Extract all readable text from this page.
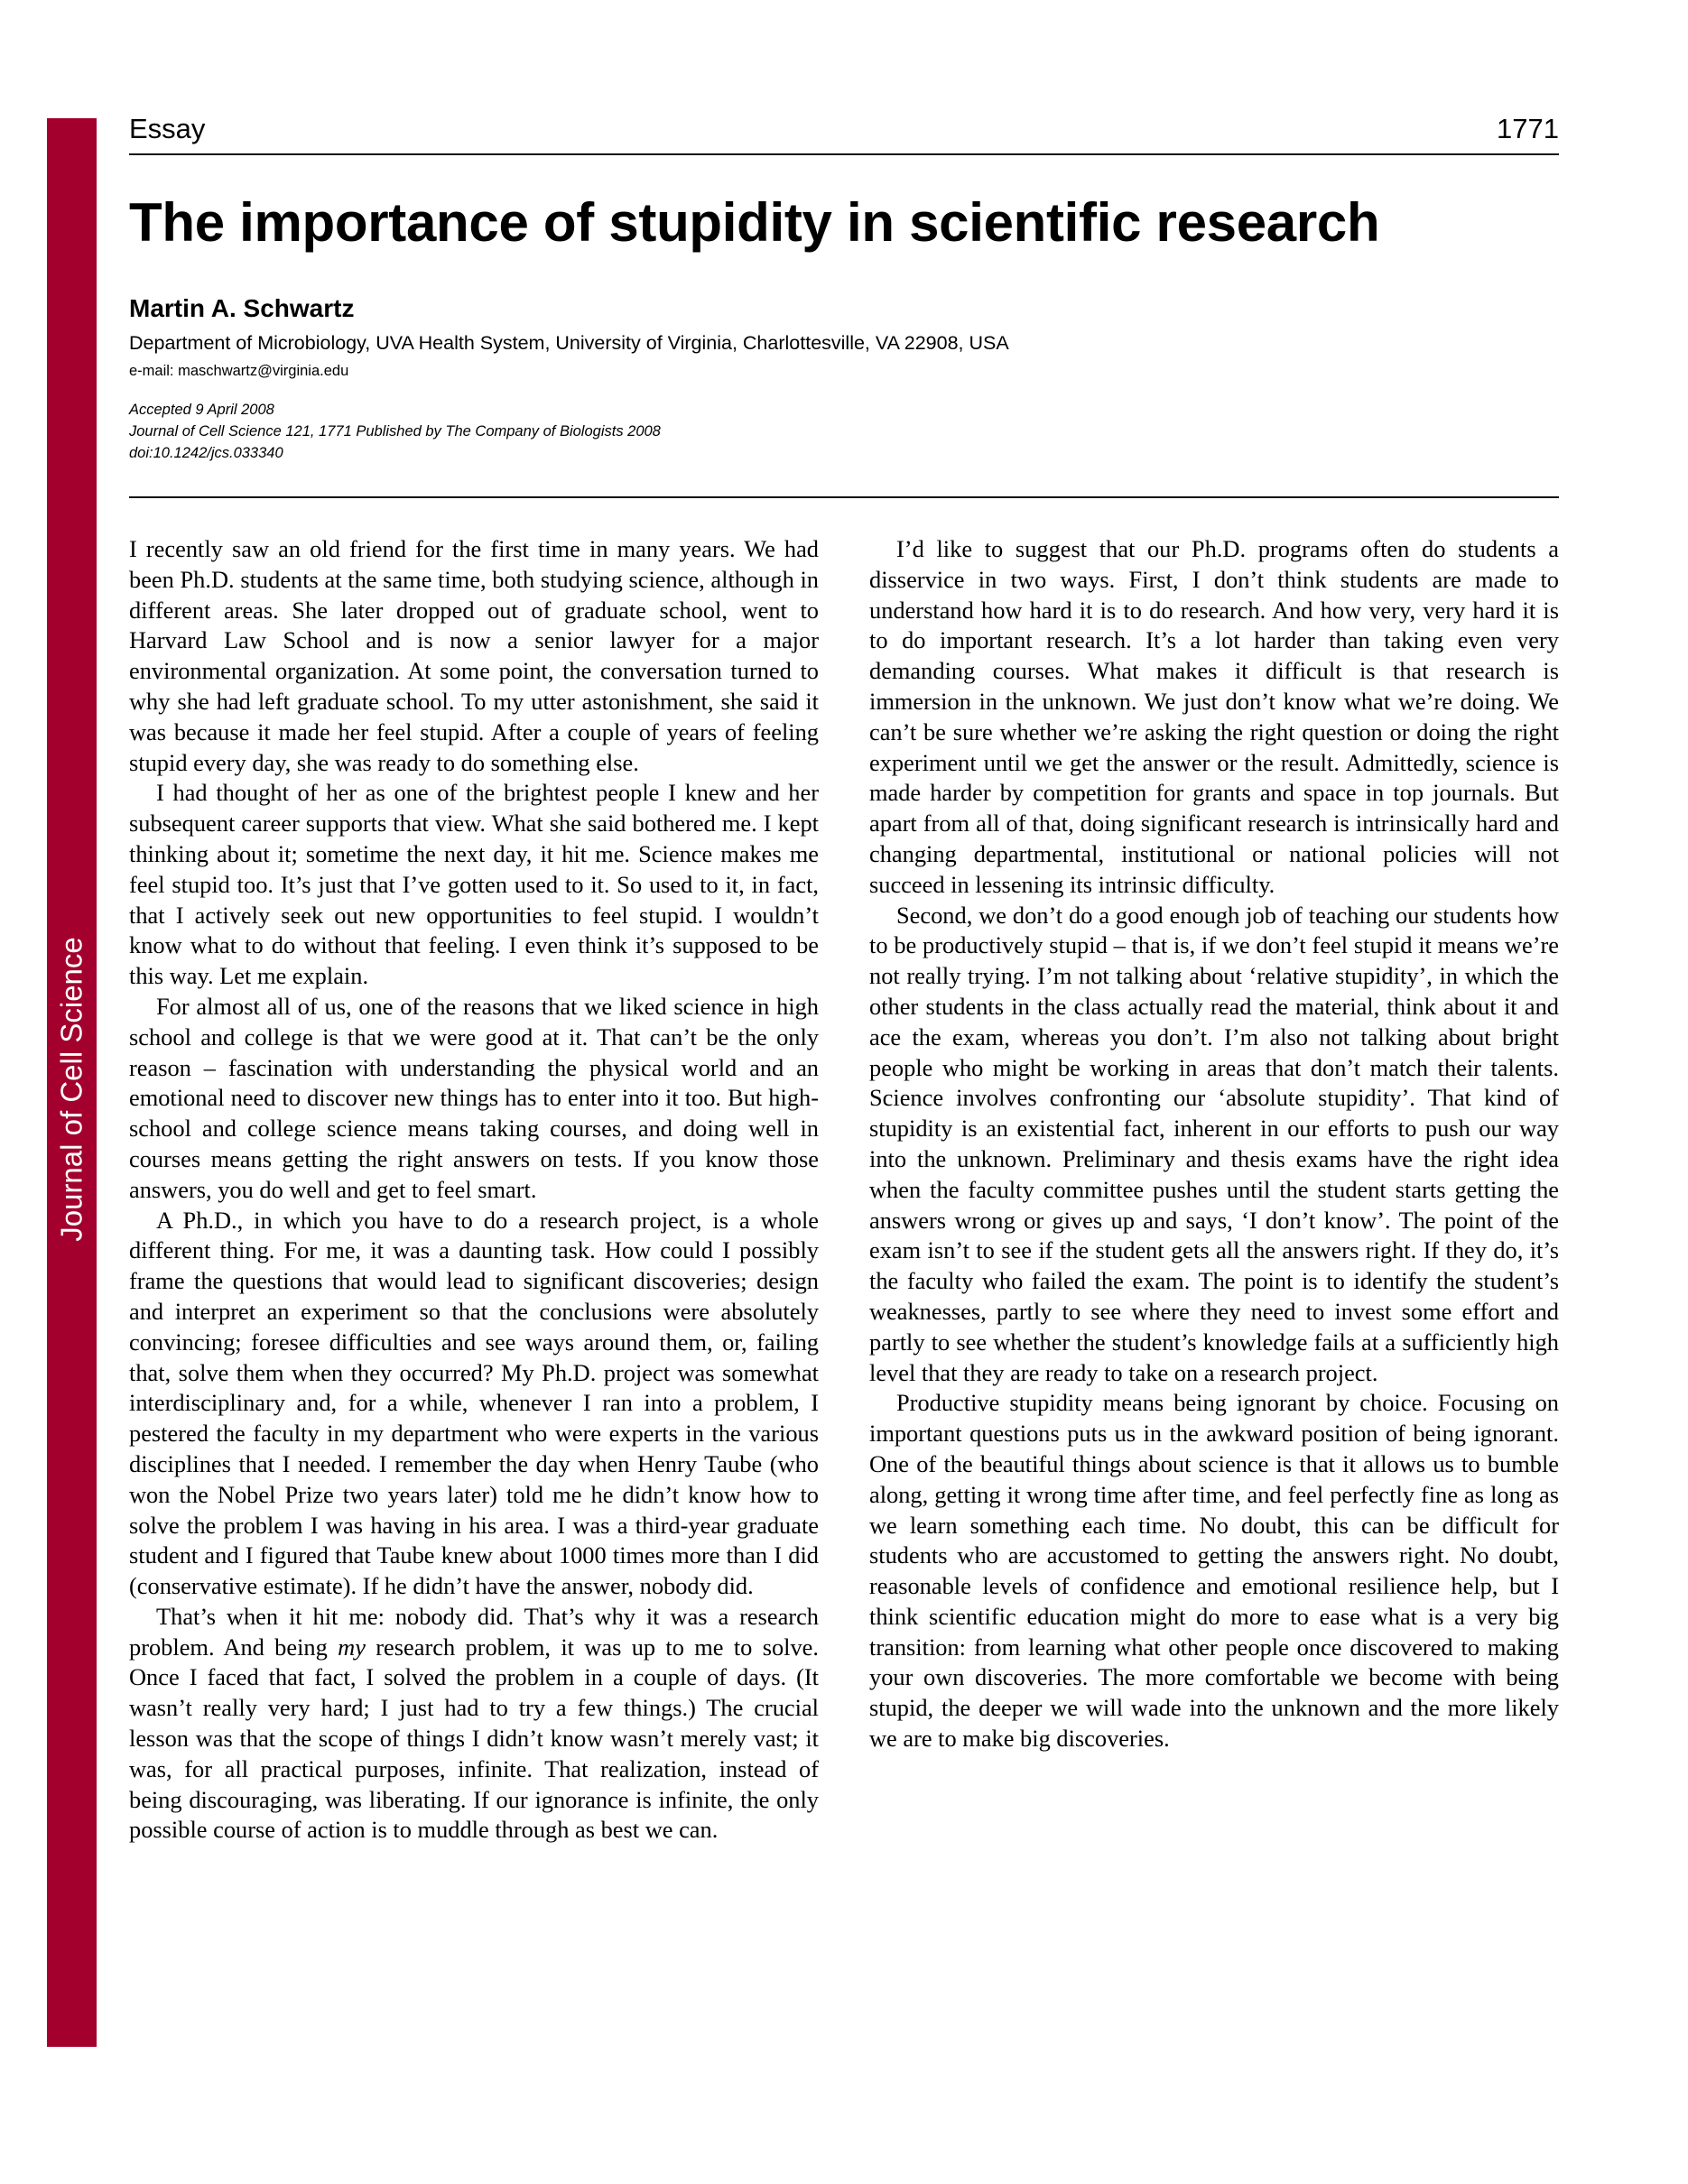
Journal of Cell Science
Essay	1771
The importance of stupidity in scientific research
Martin A. Schwartz
Department of Microbiology, UVA Health System, University of Virginia, Charlottesville, VA 22908, USA
e-mail: maschwartz@virginia.edu
Accepted 9 April 2008
Journal of Cell Science 121, 1771 Published by The Company of Biologists 2008
doi:10.1242/jcs.033340

I recently saw an old friend for the first time in many years. We had been Ph.D. students at the same time, both studying science, although in different areas. She later dropped out of graduate school, went to Harvard Law School and is now a senior lawyer for a major environmental organization. At some point, the conversation turned to why she had left graduate school. To my utter astonishment, she said it was because it made her feel stupid. After a couple of years of feeling stupid every day, she was ready to do something else.

I had thought of her as one of the brightest people I knew and her subsequent career supports that view. What she said bothered me. I kept thinking about it; sometime the next day, it hit me. Science makes me feel stupid too. It’s just that I’ve gotten used to it. So used to it, in fact, that I actively seek out new opportunities to feel stupid. I wouldn’t know what to do without that feeling. I even think it’s supposed to be this way. Let me explain.

For almost all of us, one of the reasons that we liked science in high school and college is that we were good at it. That can’t be the only reason – fascination with understanding the physical world and an emotional need to discover new things has to enter into it too. But high-school and college science means taking courses, and doing well in courses means getting the right answers on tests. If you know those answers, you do well and get to feel smart.

A Ph.D., in which you have to do a research project, is a whole different thing. For me, it was a daunting task. How could I possibly frame the questions that would lead to significant discoveries; design and interpret an experiment so that the conclusions were absolutely convincing; foresee difficulties and see ways around them, or, failing that, solve them when they occurred? My Ph.D. project was somewhat interdisciplinary and, for a while, whenever I ran into a problem, I pestered the faculty in my department who were experts in the various disciplines that I needed. I remember the day when Henry Taube (who won the Nobel Prize two years later) told me he didn’t know how to solve the problem I was having in his area. I was a third-year graduate student and I figured that Taube knew about 1000 times more than I did (conservative estimate). If he didn’t have the answer, nobody did.

That’s when it hit me: nobody did. That’s why it was a research problem. And being my research problem, it was up to me to solve. Once I faced that fact, I solved the problem in a couple of days. (It wasn’t really very hard; I just had to try a few things.) The crucial lesson was that the scope of things I didn’t know wasn’t merely vast; it was, for all practical purposes, infinite. That realization, instead of being discouraging, was liberating. If our ignorance is infinite, the only possible course of action is to muddle through as best we can.

I’d like to suggest that our Ph.D. programs often do students a disservice in two ways. First, I don’t think students are made to understand how hard it is to do research. And how very, very hard it is to do important research. It’s a lot harder than taking even very demanding courses. What makes it difficult is that research is immersion in the unknown. We just don’t know what we’re doing. We can’t be sure whether we’re asking the right question or doing the right experiment until we get the answer or the result. Admittedly, science is made harder by competition for grants and space in top journals. But apart from all of that, doing significant research is intrinsically hard and changing departmental, institutional or national policies will not succeed in lessening its intrinsic difficulty.

Second, we don’t do a good enough job of teaching our students how to be productively stupid – that is, if we don’t feel stupid it means we’re not really trying. I’m not talking about ‘relative stupidity’, in which the other students in the class actually read the material, think about it and ace the exam, whereas you don’t. I’m also not talking about bright people who might be working in areas that don’t match their talents. Science involves confronting our ‘absolute stupidity’. That kind of stupidity is an existential fact, inherent in our efforts to push our way into the unknown. Preliminary and thesis exams have the right idea when the faculty committee pushes until the student starts getting the answers wrong or gives up and says, ‘I don’t know’. The point of the exam isn’t to see if the student gets all the answers right. If they do, it’s the faculty who failed the exam. The point is to identify the student’s weaknesses, partly to see where they need to invest some effort and partly to see whether the student’s knowledge fails at a sufficiently high level that they are ready to take on a research project.

Productive stupidity means being ignorant by choice. Focusing on important questions puts us in the awkward position of being ignorant. One of the beautiful things about science is that it allows us to bumble along, getting it wrong time after time, and feel perfectly fine as long as we learn something each time. No doubt, this can be difficult for students who are accustomed to getting the answers right. No doubt, reasonable levels of confidence and emotional resilience help, but I think scientific education might do more to ease what is a very big transition: from learning what other people once discovered to making your own discoveries. The more comfortable we become with being stupid, the deeper we will wade into the unknown and the more likely we are to make big discoveries.
